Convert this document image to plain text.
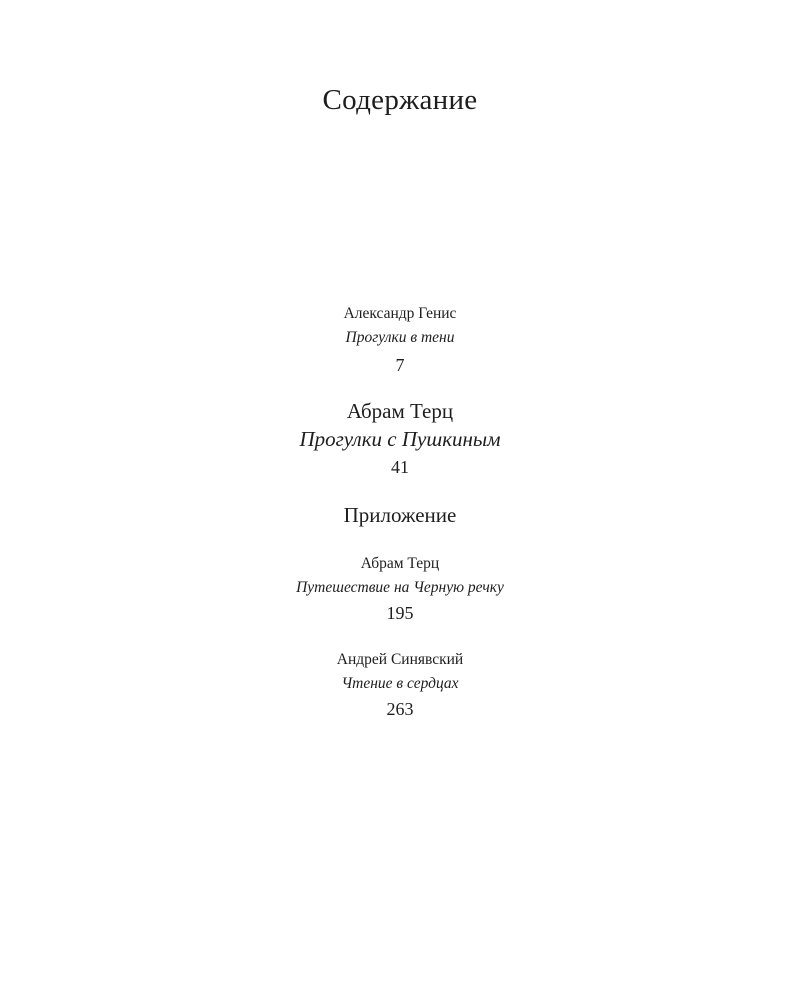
Содержание
Александр Генис
Прогулки в тени
7
Абрам Терц
Прогулки с Пушкиным
41
Приложение
Абрам Терц
Путешествие на Черную речку
195
Андрей Синявский
Чтение в сердцах
263
